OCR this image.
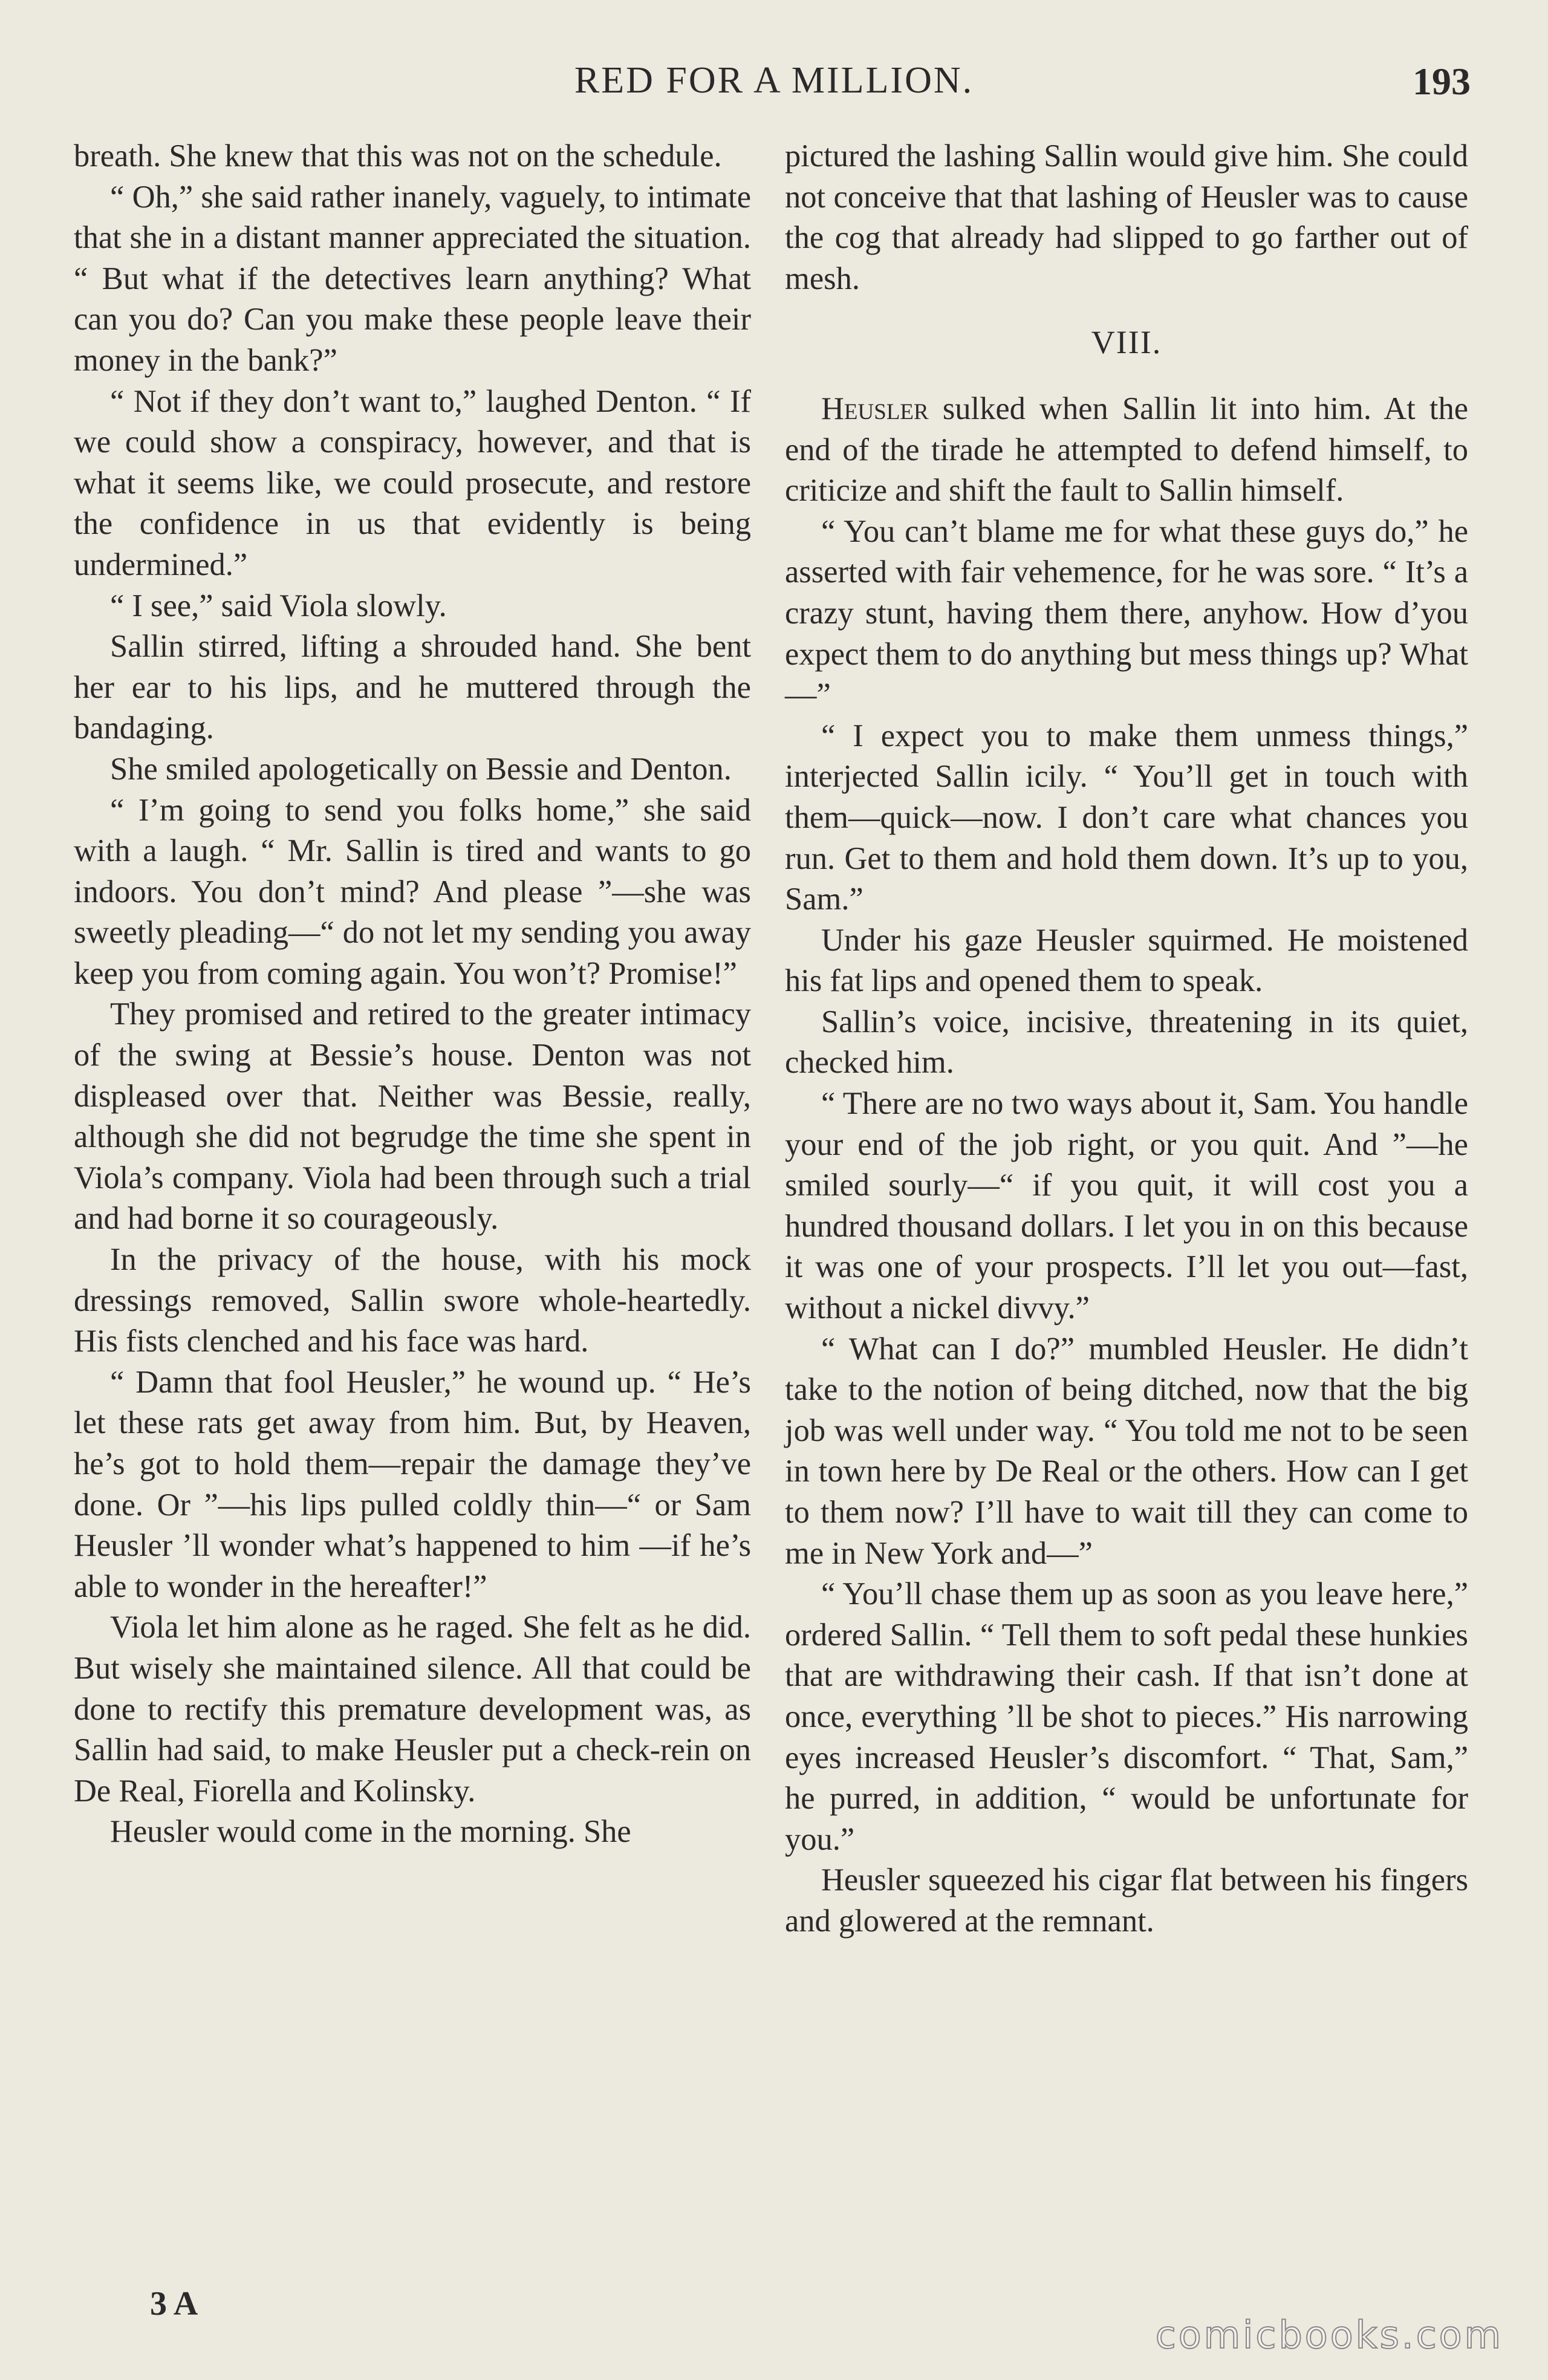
RED FOR A MILLION.	193

breath. She knew that this was not on the schedule.

“ Oh,” she said rather inanely, vaguely, to intimate that she in a distant manner appreciated the situation. “ But what if the detectives learn anything? What can you do? Can you make these people leave their money in the bank?”

“ Not if they don’t want to,” laughed Denton. “ If we could show a conspiracy, however, and that is what it seems like, we could prosecute, and restore the confidence in us that evidently is being undermined.”

“ I see,” said Viola slowly.

Sallin stirred, lifting a shrouded hand. She bent her ear to his lips, and he muttered through the bandaging.

She smiled apologetically on Bessie and Denton.

“ I’m going to send you folks home,” she said with a laugh. “ Mr. Sallin is tired and wants to go indoors. You don’t mind? And please ”—she was sweetly pleading—“ do not let my sending you away keep you from coming again. You won’t? Promise!”

They promised and retired to the greater intimacy of the swing at Bessie’s house. Denton was not displeased over that. Neither was Bessie, really, although she did not begrudge the time she spent in Viola’s company. Viola had been through such a trial and had borne it so courageously.

In the privacy of the house, with his mock dressings removed, Sallin swore whole-heartedly. His fists clenched and his face was hard.

“ Damn that fool Heusler,” he wound up. “ He’s let these rats get away from him. But, by Heaven, he’s got to hold them—repair the damage they’ve done. Or ”—his lips pulled coldly thin—“ or Sam Heusler ’ll wonder what’s happened to him —if he’s able to wonder in the hereafter!”

Viola let him alone as he raged. She felt as he did. But wisely she maintained silence. All that could be done to rectify this premature development was, as Sallin had said, to make Heusler put a check-rein on De Real, Fiorella and Kolinsky.

Heusler would come in the morning. She

pictured the lashing Sallin would give him. She could not conceive that that lashing of Heusler was to cause the cog that already had slipped to go farther out of mesh.

VIII.

Heusler sulked when Sallin lit into him. At the end of the tirade he attempted to defend himself, to criticize and shift the fault to Sallin himself.

“ You can’t blame me for what these guys do,” he asserted with fair vehemence, for he was sore. “ It’s a crazy stunt, having them there, anyhow. How d’you expect them to do anything but mess things up? What—”

“ I expect you to make them unmess things,” interjected Sallin icily. “ You’ll get in touch with them—quick—now. I don’t care what chances you run. Get to them and hold them down. It’s up to you, Sam.”

Under his gaze Heusler squirmed. He moistened his fat lips and opened them to speak.

Sallin’s voice, incisive, threatening in its quiet, checked him.

“ There are no two ways about it, Sam. You handle your end of the job right, or you quit. And ”—he smiled sourly—“ if you quit, it will cost you a hundred thousand dollars. I let you in on this because it was one of your prospects. I’ll let you out—fast, without a nickel divvy.”

“ What can I do?” mumbled Heusler. He didn’t take to the notion of being ditched, now that the big job was well under way. “ You told me not to be seen in town here by De Real or the others. How can I get to them now? I’ll have to wait till they can come to me in New York and—”

“ You’ll chase them up as soon as you leave here,” ordered Sallin. “ Tell them to soft pedal these hunkies that are withdrawing their cash. If that isn’t done at once, everything ’ll be shot to pieces.” His narrowing eyes increased Heusler’s discomfort. “ That, Sam,” he purred, in addition, “ would be unfortunate for you.”

Heusler squeezed his cigar flat between his fingers and glowered at the remnant.

3 A
comicbooks.com
